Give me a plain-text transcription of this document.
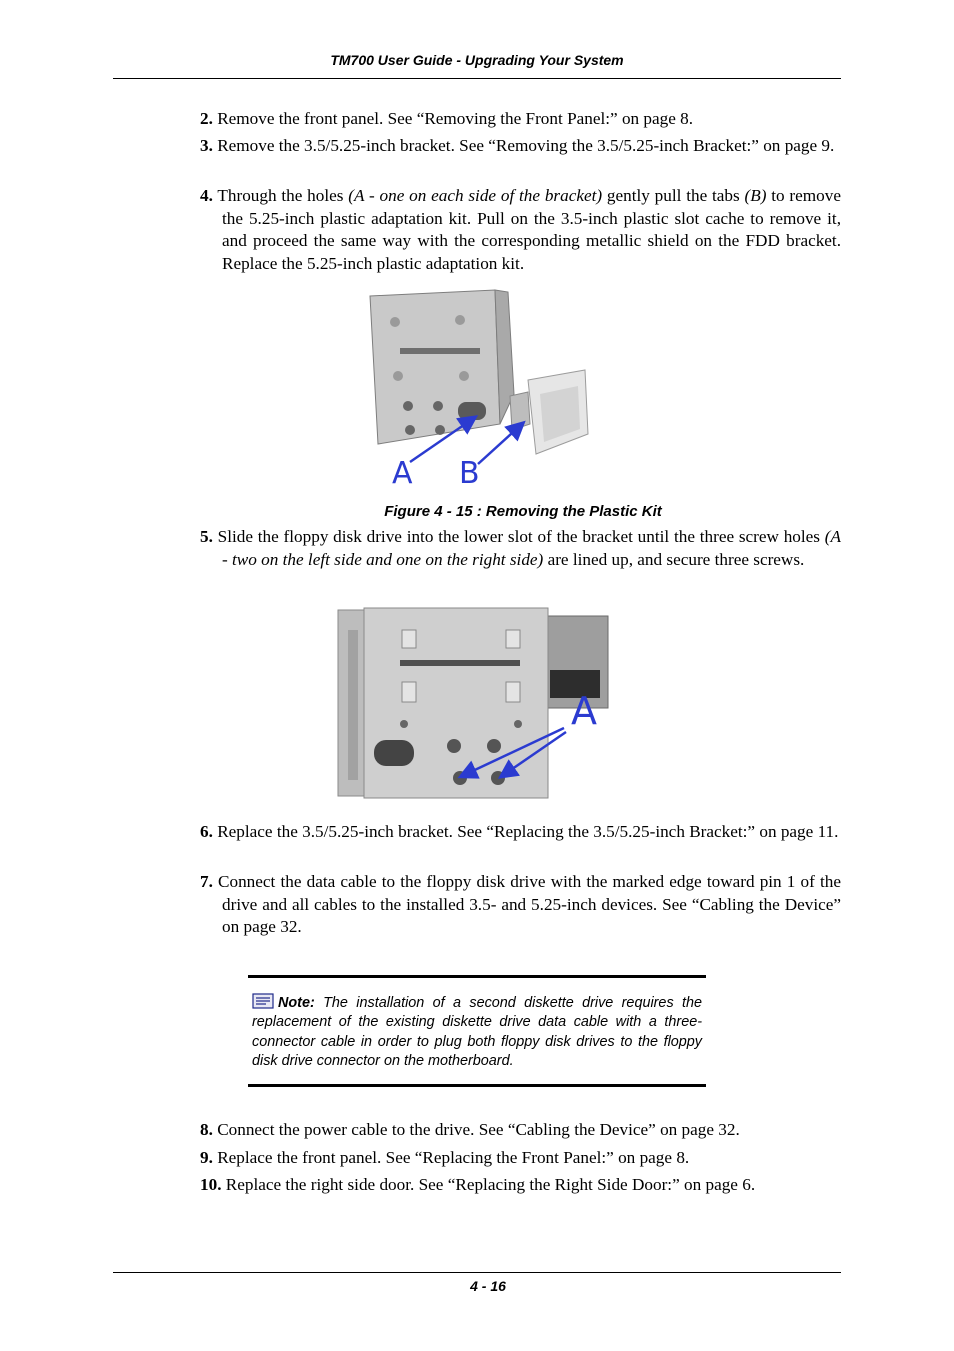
TM700 User Guide - Upgrading Your System
2. Remove the front panel. See “Removing the Front Panel:” on page 8.
3. Remove the 3.5/5.25-inch bracket. See “Removing the 3.5/5.25-inch Bracket:” on page 9.
4. Through the holes (A - one on each side of the bracket) gently pull the tabs (B) to remove the 5.25-inch plastic adaptation kit. Pull on the 3.5-inch plastic slot cache to remove it, and proceed the same way with the corresponding metallic shield on the FDD bracket. Replace the 5.25-inch plastic adaptation kit.
A B
Figure 4 - 15 : Removing the Plastic Kit
5. Slide the floppy disk drive into the lower slot of the bracket until the three screw holes (A - two on the left side and one on the right side) are lined up, and secure three screws.
A
6. Replace the 3.5/5.25-inch bracket. See “Replacing the 3.5/5.25-inch Bracket:” on page 11.
7. Connect the data cable to the floppy disk drive with the marked edge toward pin 1 of the drive and all cables to the installed 3.5- and 5.25-inch devices. See “Cabling the Device” on page 32.
Note: The installation of a second diskette drive requires the replacement of the existing diskette drive data cable with a three-connector cable in order to plug both floppy disk drives to the floppy disk drive connector on the motherboard.
8. Connect the power cable to the drive. See “Cabling the Device” on page 32.
9. Replace the front panel. See “Replacing the Front Panel:” on page 8.
10. Replace the right side door. See “Replacing the Right Side Door:” on page 6.
4 - 16
